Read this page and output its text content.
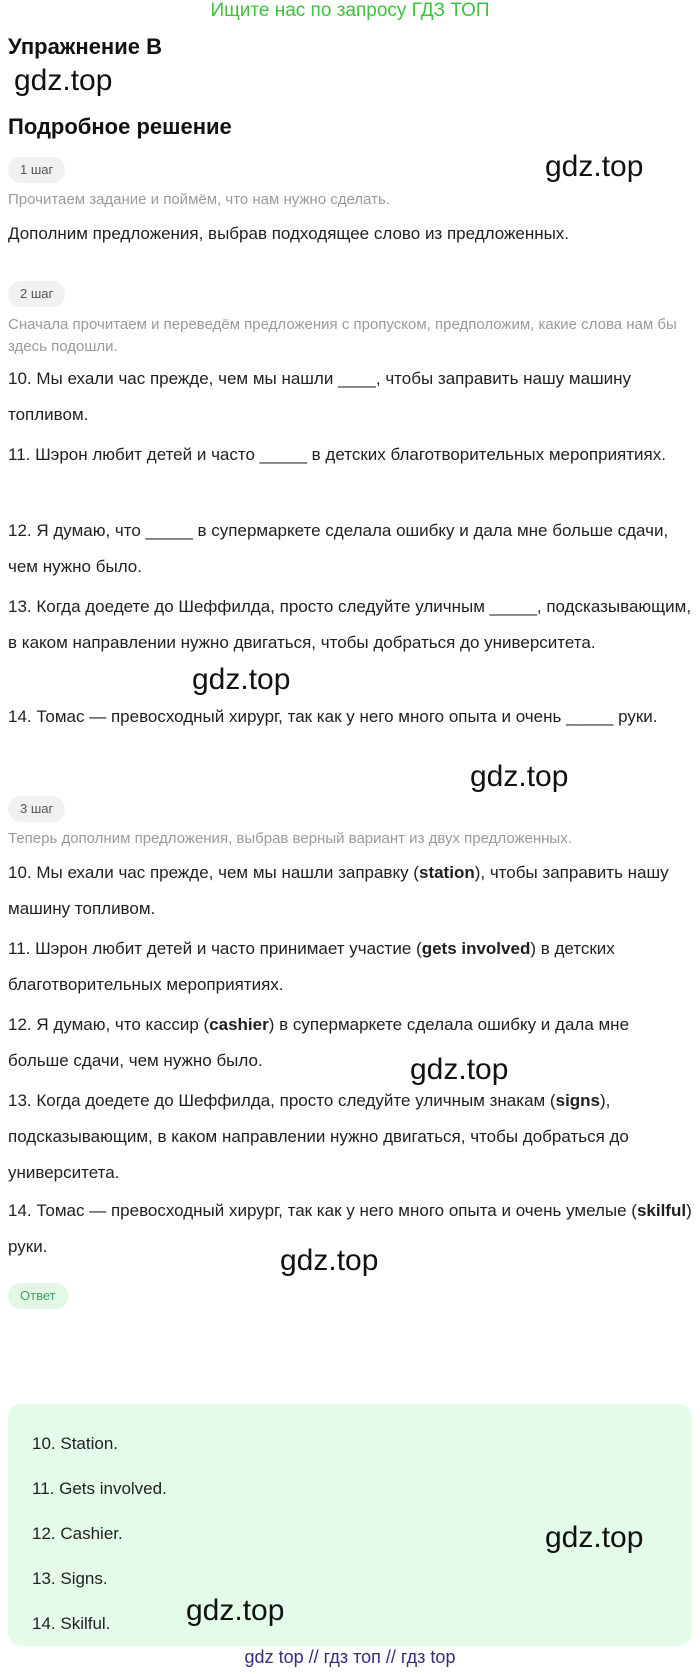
Ищите нас по запросу ГДЗ ТОП
Упражнение B
gdz.top
Подробное решение
1 шаг	gdz.top
Прочитаем задание и поймём, что нам нужно сделать.
Дополним предложения, выбрав подходящее слово из предложенных.
2 шаг
Сначала прочитаем и переведём предложения с пропуском, предположим, какие слова нам бы здесь подошли.
10. Мы ехали час прежде, чем мы нашли ____, чтобы заправить нашу машину топливом.
11. Шэрон любит детей и часто _____ в детских благотворительных мероприятиях.
12. Я думаю, что _____ в супермаркете сделала ошибку и дала мне больше сдачи, чем нужно было.
13. Когда доедете до Шеффилда, просто следуйте уличным _____, подсказывающим, в каком направлении нужно двигаться, чтобы добраться до университета.
gdz.top
14. Томас — превосходный хирург, так как у него много опыта и очень _____ руки.
gdz.top
3 шаг
Теперь дополним предложения, выбрав верный вариант из двух предложенных.
10. Мы ехали час прежде, чем мы нашли заправку (station), чтобы заправить нашу машину топливом.
11. Шэрон любит детей и часто принимает участие (gets involved) в детских благотворительных мероприятиях.
12. Я думаю, что кассир (cashier) в супермаркете сделала ошибку и дала мне больше сдачи, чем нужно было.	gdz.top
13. Когда доедете до Шеффилда, просто следуйте уличным знакам (signs), подсказывающим, в каком направлении нужно двигаться, чтобы добраться до университета.
14. Томас — превосходный хирург, так как у него много опыта и очень умелые (skilful) руки.	gdz.top
Ответ
10. Station.
11. Gets involved.
12. Cashier.	gdz.top
13. Signs.
14. Skilful.	gdz.top
gdz top // гдз топ // гдз top
